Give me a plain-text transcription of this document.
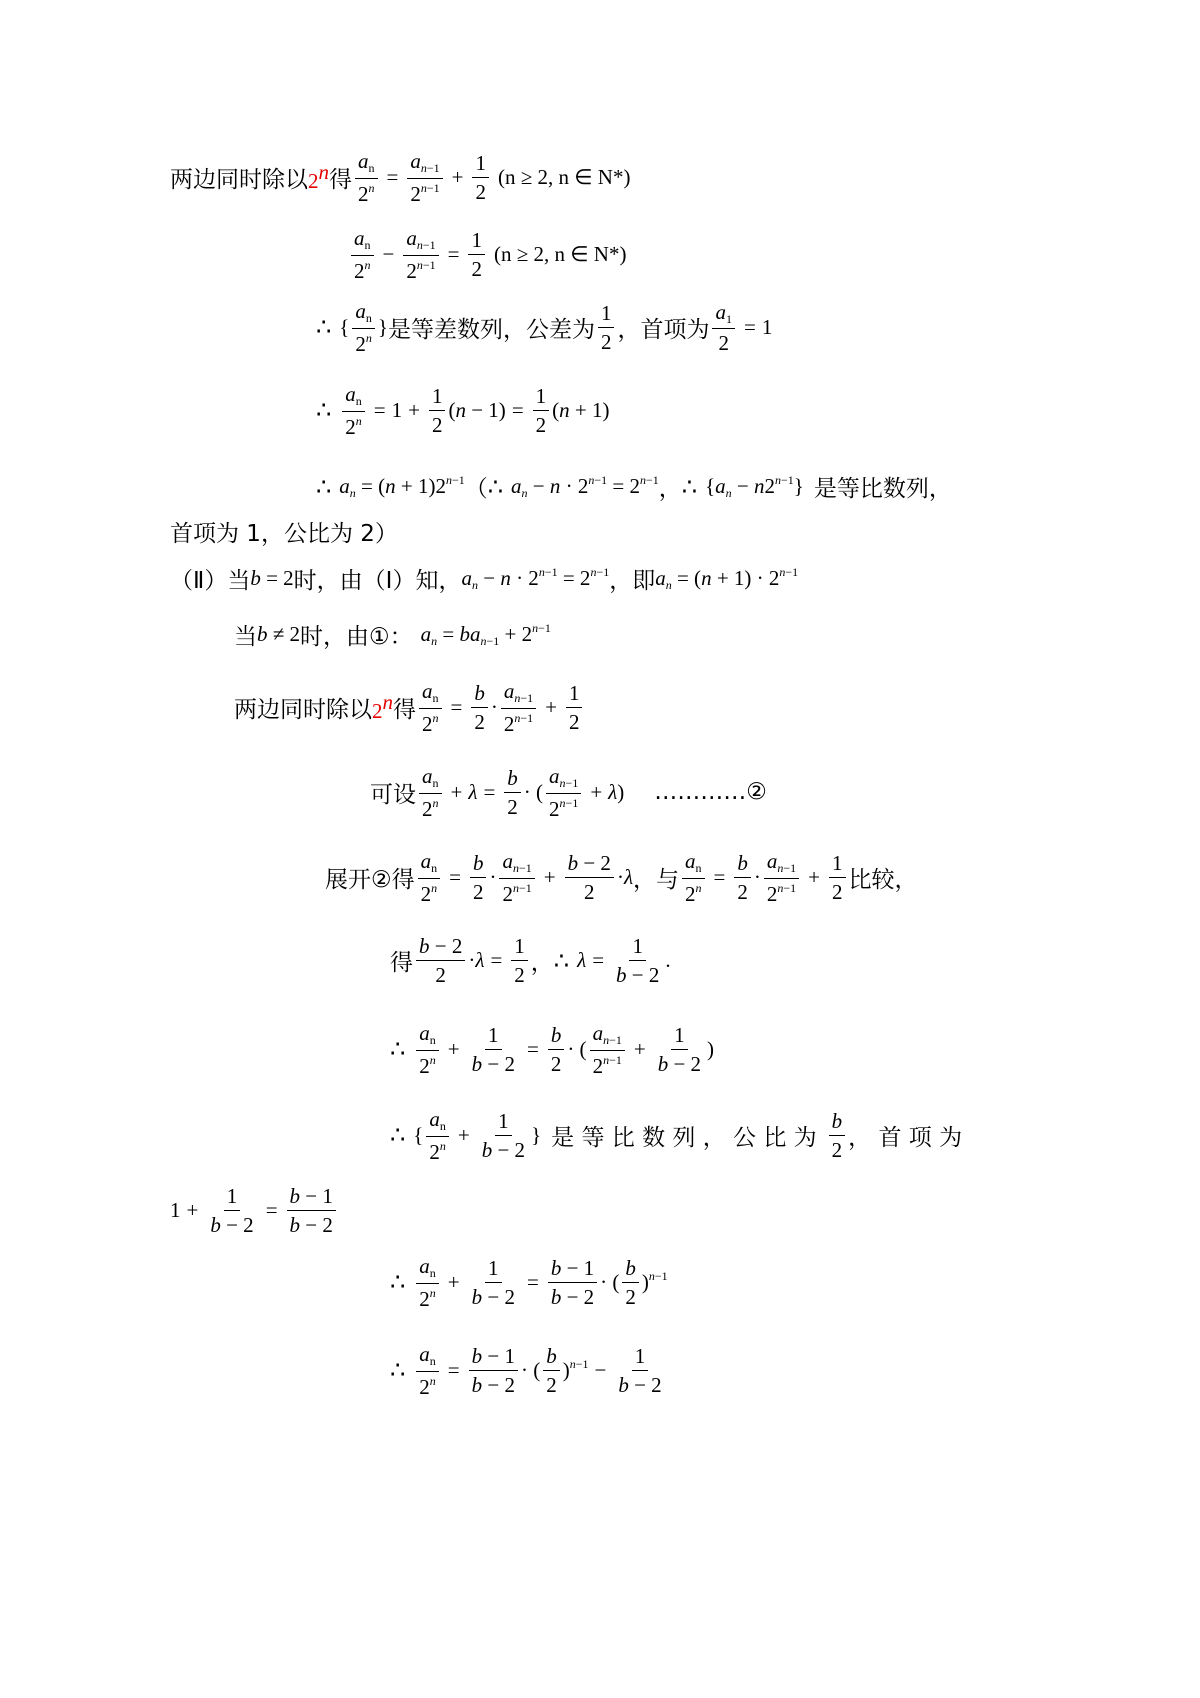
两边同时除以 2$^n$ 得 $\frac{a_n}{2^n} = \frac{a_{n-1}}{2^{n-1}} + \frac{1}{2} (n \ge 2$, n ∈ N*)
$\frac{a_n}{2^n} - \frac{a_{n-1}}{2^{n-1}} = \frac{1}{2} (n \ge 2$, n ∈ N*)
∴ { $\frac{a_n}{2^n}$ } 是等差数列，公差为 $\frac{1}{2}$ ，首项为 $\frac{a_1}{2} = 1$
∴ $\frac{a_n}{2^n} = 1 + \frac{1}{2} (n - 1) = \frac{1}{2} (n + 1)$
∴ $a_n = (n + 1)2^{n-1}$ （ ∴ $a_n - n \cdot 2^{n-1} = 2^{n-1}$ ， ∴ $\{a_n - n2^{n-1}\}$ 是等比数列，
首项为 1，公比为 2）
（Ⅱ）当 b = 2 时，由（Ⅰ）知， $a_n - n \cdot 2^{n-1} = 2^{n-1}$ ，即 $a_n = (n + 1) \cdot 2^{n-1}$
当 b ≠ 2 时，由①： $a_n = ba_{n-1} + 2^{n-1}$
两边同时除以 2$^n$ 得 $\frac{a_n}{2^n} = \frac{b}{2} \cdot \frac{a_{n-1}}{2^{n-1}} + \frac{1}{2}$
可设 $\frac{a_n}{2^n} + \lambda = \frac{b}{2}$ · ( $\frac{a_{n-1}}{2^{n-1}} + \lambda$ ) …………②
展开②得 $\frac{a_n}{2^n} = \frac{b}{2} \cdot \frac{a_{n-1}}{2^{n-1}} + \frac{b - 2}{2} \cdot \lambda$ ，与 $\frac{a_n}{2^n} = \frac{b}{2} \cdot \frac{a_{n-1}}{2^{n-1}} + \frac{1}{2}$ 比较，
得 $\frac{b - 2}{2} \cdot \lambda = \frac{1}{2}$ ， ∴ $\lambda = \frac{1}{b - 2}$ .
∴ $\frac{a_n}{2^n} + \frac{1}{b - 2} = \frac{b}{2}$ · ( $\frac{a_{n-1}}{2^{n-1}} + \frac{1}{b - 2}$ )
∴ { $\frac{a_n}{2^n} + \frac{1}{b - 2}$ } 是 等 比 数 列 ， 公 比 为 $\frac{b}{2}$ ， 首 项 为
$1 + \frac{1}{b - 2} = \frac{b - 1}{b - 2}$
∴ $\frac{a_n}{2^n} + \frac{1}{b - 2} = \frac{b - 1}{b - 2}$ · ( $\frac{b}{2} )^{n-1}$
∴ $\frac{a_n}{2^n} = \frac{b - 1}{b - 2}$ · ( $\frac{b}{2} )^{n-1} - \frac{1}{b - 2}$
